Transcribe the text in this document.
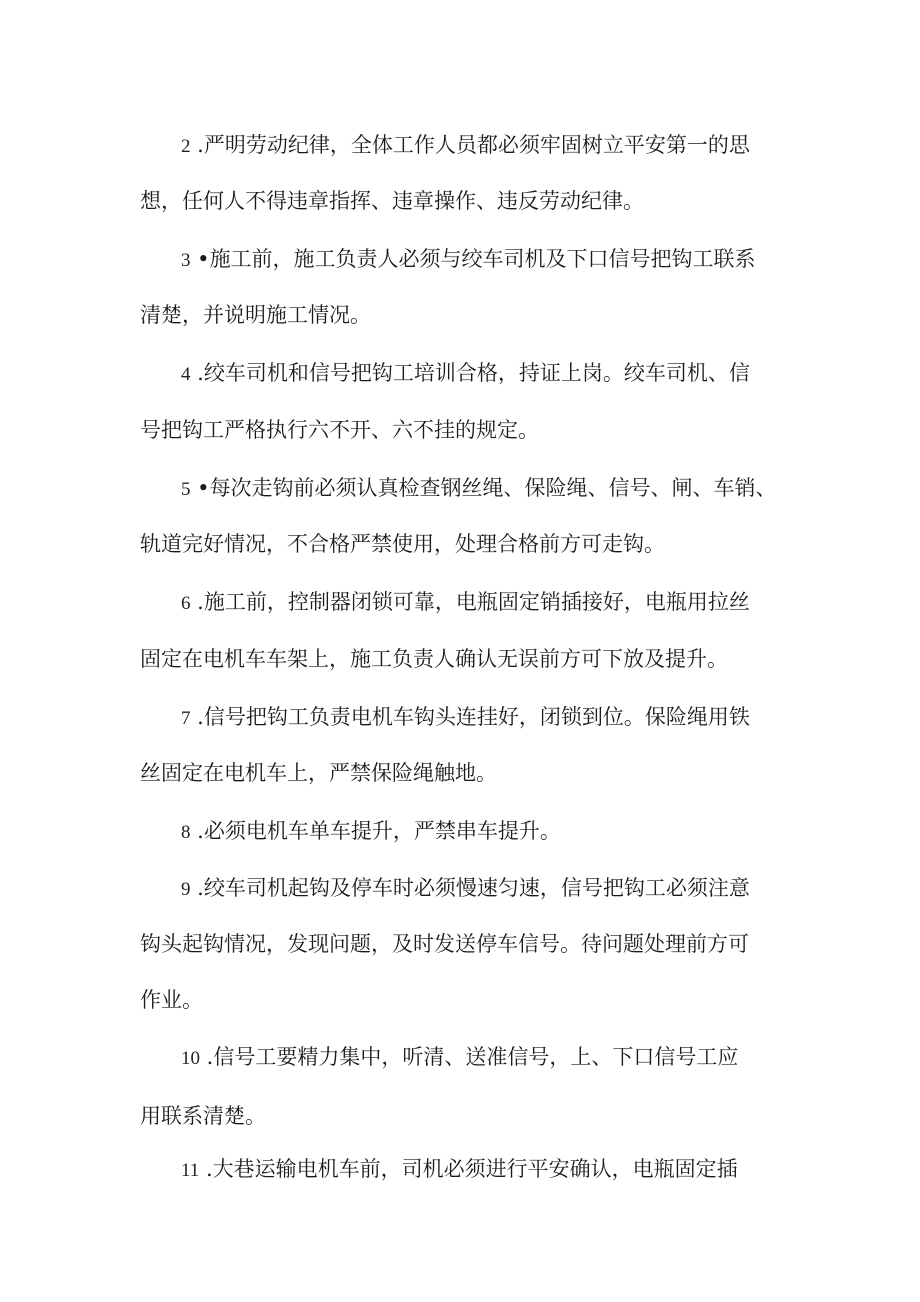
2 .严明劳动纪律，全体工作人员都必须牢固树立平安第一的思

想，任何人不得违章指挥、违章操作、违反劳动纪律。

3 •施工前，施工负责人必须与绞车司机及下口信号把钩工联系

清楚，并说明施工情况。

4 .绞车司机和信号把钩工培训合格，持证上岗。绞车司机、信

号把钩工严格执行六不开、六不挂的规定。

5 •每次走钩前必须认真检查钢丝绳、保险绳、信号、闸、车销、

轨道完好情况，不合格严禁使用，处理合格前方可走钩。

6 .施工前，控制器闭锁可靠，电瓶固定销插接好，电瓶用拉丝

固定在电机车车架上，施工负责人确认无误前方可下放及提升。

7 .信号把钩工负责电机车钩头连挂好，闭锁到位。保险绳用铁

丝固定在电机车上，严禁保险绳触地。

8 .必须电机车单车提升，严禁串车提升。

9 .绞车司机起钩及停车时必须慢速匀速，信号把钩工必须注意

钩头起钩情况，发现问题，及时发送停车信号。待问题处理前方可

作业。

10 .信号工要精力集中，听清、送准信号，上、下口信号工应

用联系清楚。

11 .大巷运输电机车前，司机必须进行平安确认，电瓶固定插
